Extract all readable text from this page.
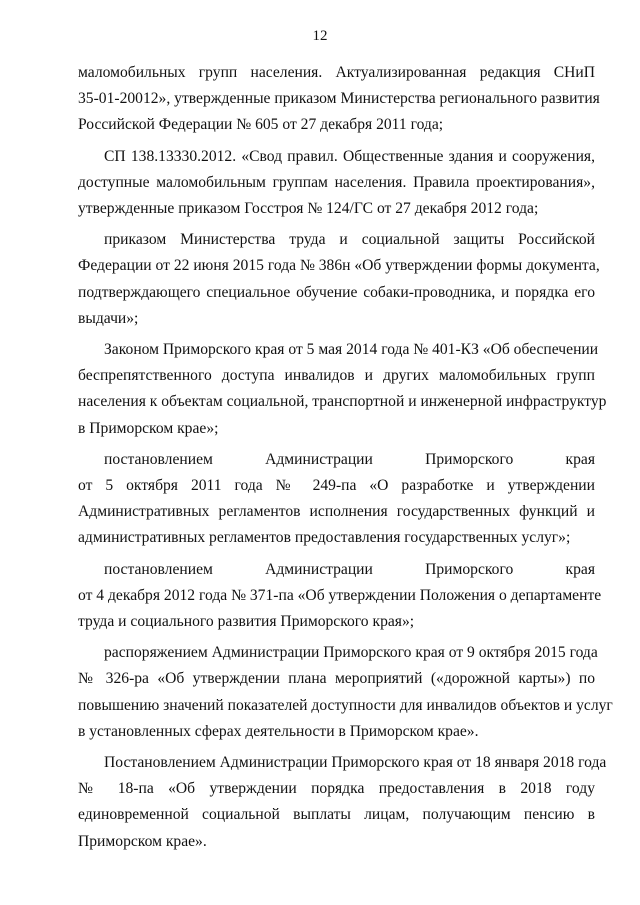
12
маломобильных групп населения. Актуализированная редакция СНиП
35-01-20012», утвержденные приказом Министерства регионального развития
Российской Федерации № 605 от 27 декабря 2011 года;
СП 138.13330.2012. «Свод правил. Общественные здания и сооружения,
доступные маломобильным группам населения. Правила проектирования»,
утвержденные приказом Госстроя № 124/ГС от 27 декабря 2012 года;
приказом Министерства труда и социальной защиты Российской
Федерации от 22 июня 2015 года № 386н «Об утверждении формы документа,
подтверждающего специальное обучение собаки-проводника, и порядка его
выдачи»;
Законом Приморского края от 5 мая 2014 года № 401-КЗ «Об обеспечении
беспрепятственного доступа инвалидов и других маломобильных групп
населения к объектам социальной, транспортной и инженерной инфраструктур
в Приморском крае»;
постановлением Администрации Приморского края
от 5 октября 2011 года № 249-па «О разработке и утверждении
Административных регламентов исполнения государственных функций и
административных регламентов предоставления государственных услуг»;
постановлением Администрации Приморского края
от 4 декабря 2012 года № 371-па «Об утверждении Положения о департаменте
труда и социального развития Приморского края»;
распоряжением Администрации Приморского края от 9 октября 2015 года
№ 326-ра «Об утверждении плана мероприятий («дорожной карты») по
повышению значений показателей доступности для инвалидов объектов и услуг
в установленных сферах деятельности в Приморском крае».
Постановлением Администрации Приморского края от 18 января 2018 года
№ 18-па «Об утверждении порядка предоставления в 2018 году
единовременной социальной выплаты лицам, получающим пенсию в
Приморском крае».
